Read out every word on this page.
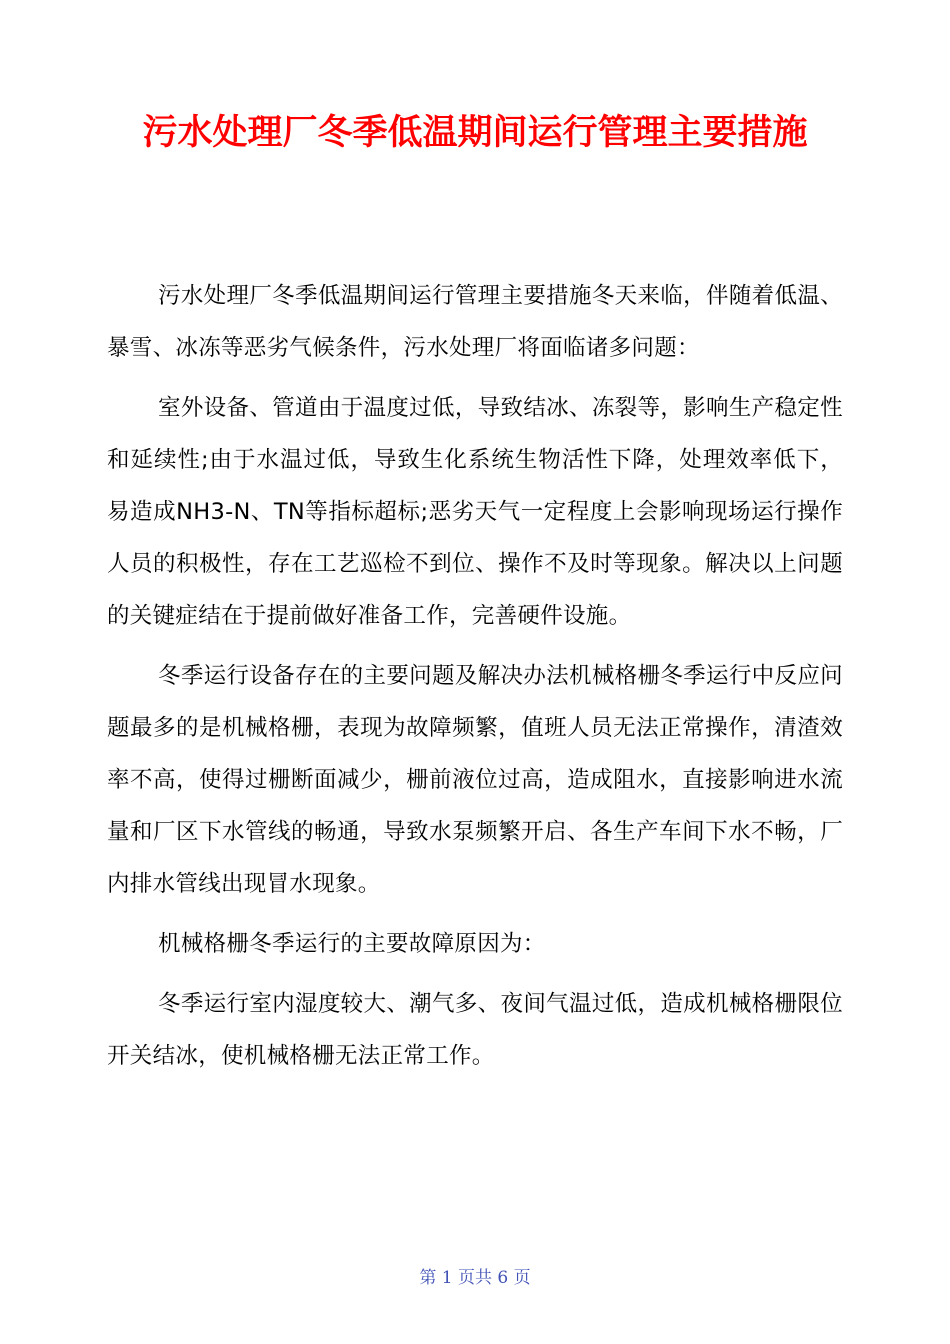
污水处理厂冬季低温期间运行管理主要措施

污水处理厂冬季低温期间运行管理主要措施冬天来临，伴随着低温、暴雪、冰冻等恶劣气候条件，污水处理厂将面临诸多问题：

室外设备、管道由于温度过低，导致结冰、冻裂等，影响生产稳定性和延续性;由于水温过低，导致生化系统生物活性下降，处理效率低下，易造成NH3-N、TN等指标超标;恶劣天气一定程度上会影响现场运行操作人员的积极性，存在工艺巡检不到位、操作不及时等现象。解决以上问题的关键症结在于提前做好准备工作，完善硬件设施。

冬季运行设备存在的主要问题及解决办法机械格栅冬季运行中反应问题最多的是机械格栅，表现为故障频繁，值班人员无法正常操作，清渣效率不高，使得过栅断面减少，栅前液位过高，造成阻水，直接影响进水流量和厂区下水管线的畅通，导致水泵频繁开启、各生产车间下水不畅，厂内排水管线出现冒水现象。

机械格栅冬季运行的主要故障原因为：

冬季运行室内湿度较大、潮气多、夜间气温过低，造成机械格栅限位开关结冰，使机械格栅无法正常工作。

第 1 页共 6 页
